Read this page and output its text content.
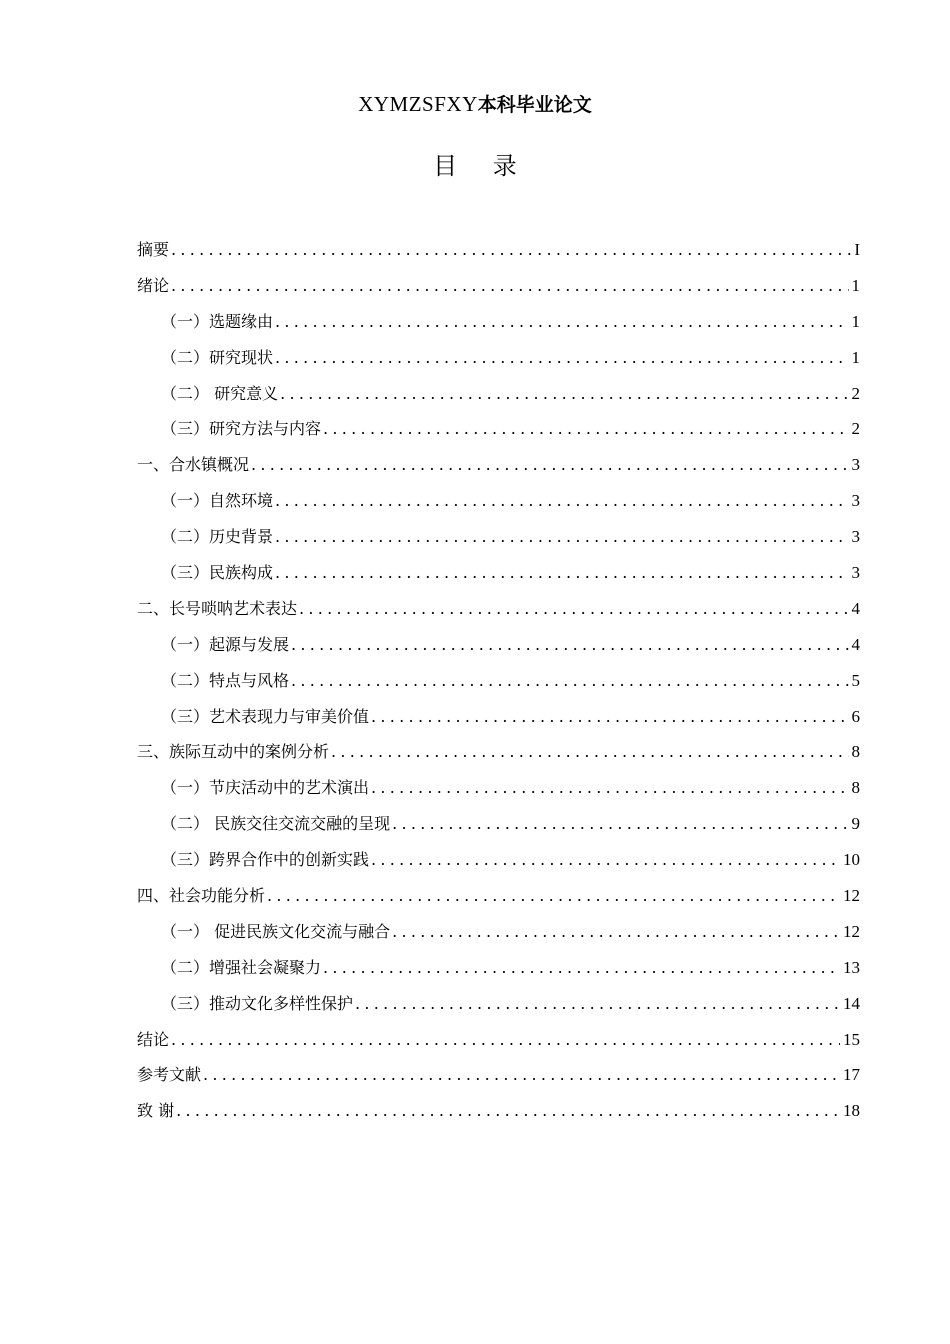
XYMZSFXY本科毕业论文
目 录
摘要 .....	I
绪论 .....	1
（一）选题缘由 .....	1
（二）研究现状 .....	1
（二） 研究意义 .....	2
（三）研究方法与内容 .....	2
一、合水镇概况 .....	3
（一）自然环境 .....	3
（二）历史背景 .....	3
（三）民族构成 .....	3
二、长号唢呐艺术表达 .....	4
（一）起源与发展 .....	4
（二）特点与风格 .....	5
（三）艺术表现力与审美价值 .....	6
三、族际互动中的案例分析 .....	8
（一）节庆活动中的艺术演出 .....	8
（二） 民族交往交流交融的呈现 .....	9
（三）跨界合作中的创新实践 .....	10
四、社会功能分析 .....	12
（一） 促进民族文化交流与融合 .....	12
（二）增强社会凝聚力 .....	13
（三）推动文化多样性保护 .....	14
结论 .....	15
参考文献 .....	17
致 谢 .....	18
